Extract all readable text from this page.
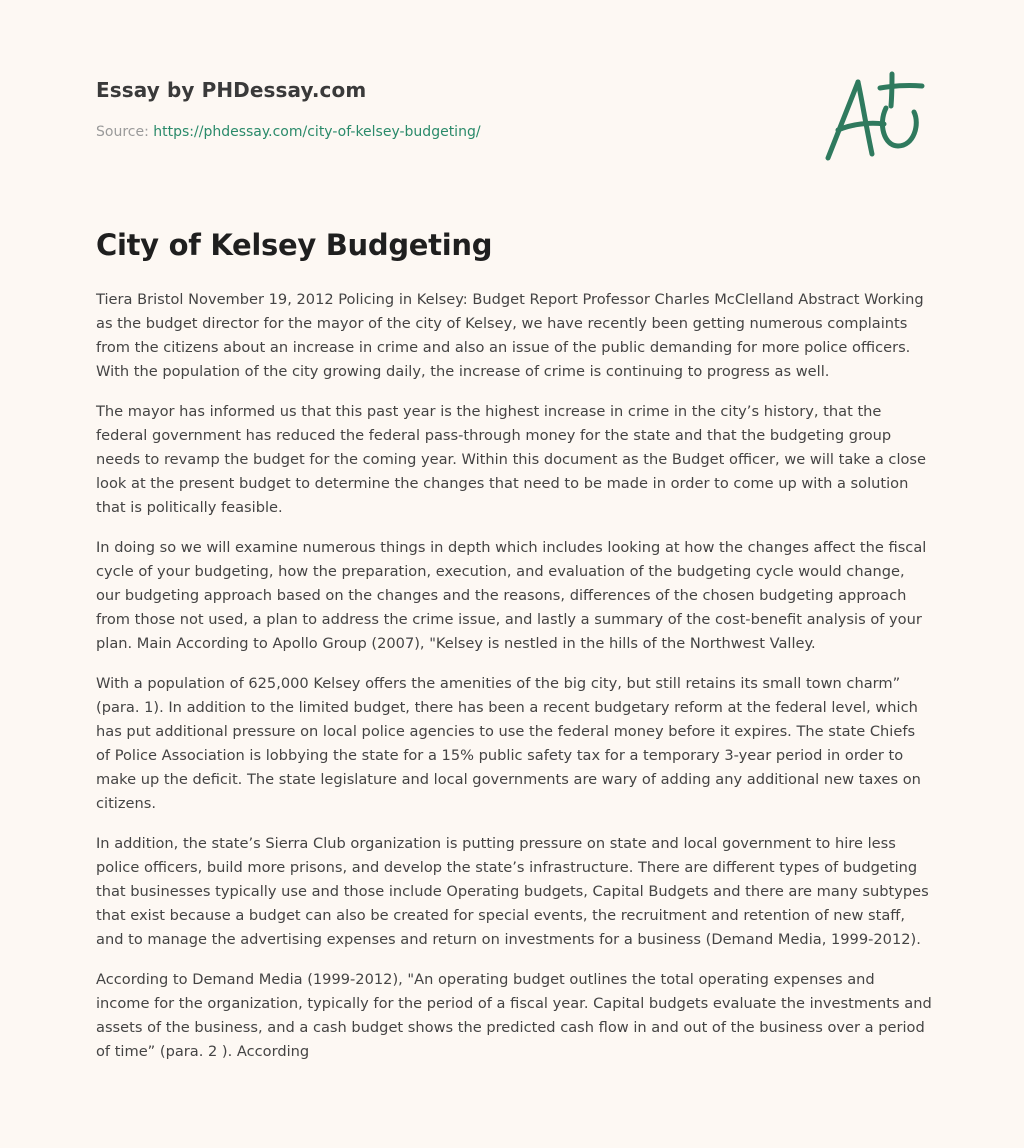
Essay by PHDessay.com
Source: https://phdessay.com/city-of-kelsey-budgeting/
City of Kelsey Budgeting

Tiera Bristol November 19, 2012 Policing in Kelsey: Budget Report Professor Charles McClelland Abstract Working as the budget director for the mayor of the city of Kelsey, we have recently been getting numerous complaints from the citizens about an increase in crime and also an issue of the public demanding for more police officers. With the population of the city growing daily, the increase of crime is continuing to progress as well.

The mayor has informed us that this past year is the highest increase in crime in the city’s history, that the federal government has reduced the federal pass-through money for the state and that the budgeting group needs to revamp the budget for the coming year. Within this document as the Budget officer, we will take a close look at the present budget to determine the changes that need to be made in order to come up with a solution that is politically feasible.

In doing so we will examine numerous things in depth which includes looking at how the changes affect the fiscal cycle of your budgeting, how the preparation, execution, and evaluation of the budgeting cycle would change, our budgeting approach based on the changes and the reasons, differences of the chosen budgeting approach from those not used, a plan to address the crime issue, and lastly a summary of the cost-benefit analysis of your plan. Main According to Apollo Group (2007), "Kelsey is nestled in the hills of the Northwest Valley.

With a population of 625,000 Kelsey offers the amenities of the big city, but still retains its small town charm” (para. 1). In addition to the limited budget, there has been a recent budgetary reform at the federal level, which has put additional pressure on local police agencies to use the federal money before it expires. The state Chiefs of Police Association is lobbying the state for a 15% public safety tax for a temporary 3-year period in order to make up the deficit. The state legislature and local governments are wary of adding any additional new taxes on citizens.

In addition, the state’s Sierra Club organization is putting pressure on state and local government to hire less police officers, build more prisons, and develop the state’s infrastructure. There are different types of budgeting that businesses typically use and those include Operating budgets, Capital Budgets and there are many subtypes that exist because a budget can also be created for special events, the recruitment and retention of new staff, and to manage the advertising expenses and return on investments for a business (Demand Media, 1999-2012).

According to Demand Media (1999-2012), "An operating budget outlines the total operating expenses and income for the organization, typically for the period of a fiscal year. Capital budgets evaluate the investments and assets of the business, and a cash budget shows the predicted cash flow in and out of the business over a period of time” (para. 2 ). According
